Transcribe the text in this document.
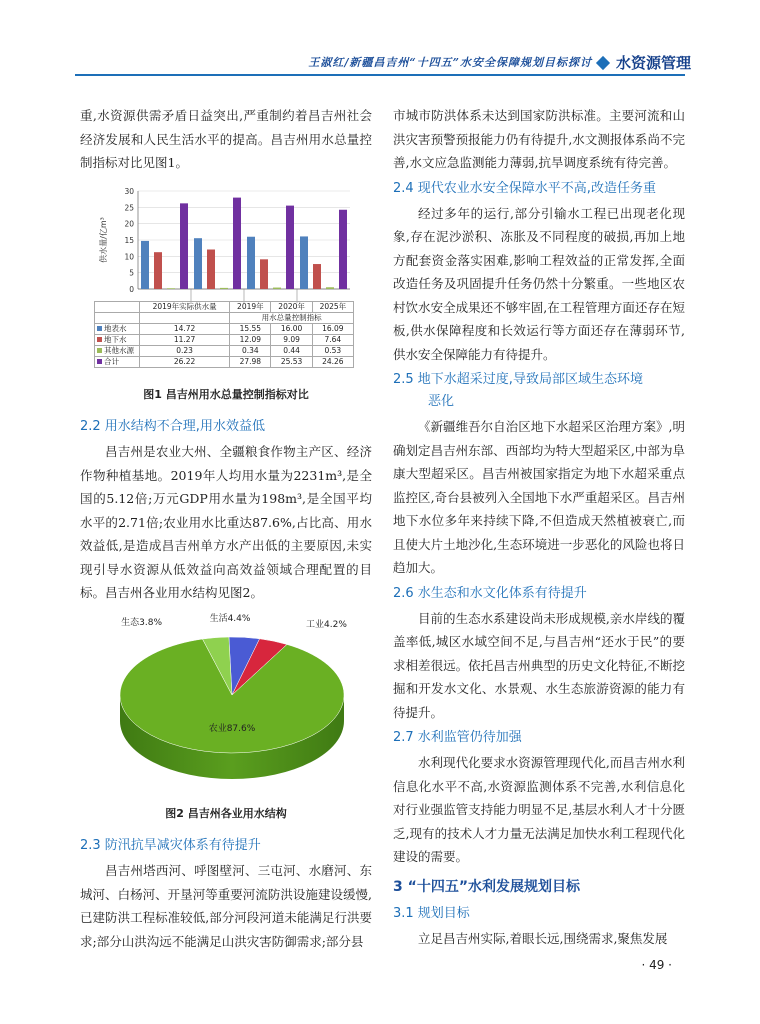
王淑红/新疆昌吉州“十四五”水安全保障规划目标探讨 水资源管理

重,水资源供需矛盾日益突出,严重制约着昌吉州社会经济发展和人民生活水平的提高。昌吉州用水总量控制指标对比见图1。

0
5
10
15
20
25
30
供水量/亿m³
	2019年实际供水量	2019年	2020年	2025年
		用水总量控制指标		
地表水	14.72	15.55	16.00	16.09
地下水	11.27	12.09	9.09	7.64
其他水源	0.23	0.34	0.44	0.53
合计	26.22	27.98	25.53	24.26
图1 昌吉州用水总量控制指标对比
2.2 用水结构不合理,用水效益低

昌吉州是农业大州、全疆粮食作物主产区、经济作物种植基地。2019年人均用水量为2231m³,是全国的5.12倍;万元GDP用水量为198m³,是全国平均水平的2.71倍;农业用水比重达87.6%,占比高、用水效益低,是造成昌吉州单方水产出低的主要原因,未实现引导水资源从低效益向高效益领域合理配置的目标。昌吉州各业用水结构见图2。

农业87.6%
工业4.2%
生活4.4%
生态3.8%
图2 昌吉州各业用水结构
2.3 防汛抗旱减灾体系有待提升

昌吉州塔西河、呼图壁河、三屯河、水磨河、东城河、白杨河、开垦河等重要河流防洪设施建设缓慢,已建防洪工程标准较低,部分河段河道未能满足行洪要求;部分山洪沟远不能满足山洪灾害防御需求;部分县

市城市防洪体系未达到国家防洪标准。主要河流和山洪灾害预警预报能力仍有待提升,水文测报体系尚不完善,水文应急监测能力薄弱,抗旱调度系统有待完善。

2.4 现代农业水安全保障水平不高,改造任务重

经过多年的运行,部分引输水工程已出现老化现象,存在泥沙淤积、冻胀及不同程度的破损,再加上地方配套资金落实困难,影响工程效益的正常发挥,全面改造任务及巩固提升任务仍然十分繁重。一些地区农村饮水安全成果还不够牢固,在工程管理方面还存在短板,供水保障程度和长效运行等方面还存在薄弱环节,供水安全保障能力有待提升。

2.5 地下水超采过度,导致局部区域生态环境
恶化

《新疆维吾尔自治区地下水超采区治理方案》,明确划定昌吉州东部、西部均为特大型超采区,中部为阜康大型超采区。昌吉州被国家指定为地下水超采重点监控区,奇台县被列入全国地下水严重超采区。昌吉州地下水位多年来持续下降,不但造成天然植被衰亡,而且使大片土地沙化,生态环境进一步恶化的风险也将日趋加大。

2.6 水生态和水文化体系有待提升

目前的生态水系建设尚未形成规模,亲水岸线的覆盖率低,城区水域空间不足,与昌吉州“还水于民”的要求相差很远。依托昌吉州典型的历史文化特征,不断挖掘和开发水文化、水景观、水生态旅游资源的能力有待提升。

2.7 水利监管仍待加强

水利现代化要求水资源管理现代化,而昌吉州水利信息化水平不高,水资源监测体系不完善,水利信息化对行业强监管支持能力明显不足,基层水利人才十分匮乏,现有的技术人才力量无法满足加快水利工程现代化建设的需要。

3 “十四五”水利发展规划目标
3.1 规划目标

立足昌吉州实际,着眼长远,围绕需求,聚焦发展

· 49 ·
